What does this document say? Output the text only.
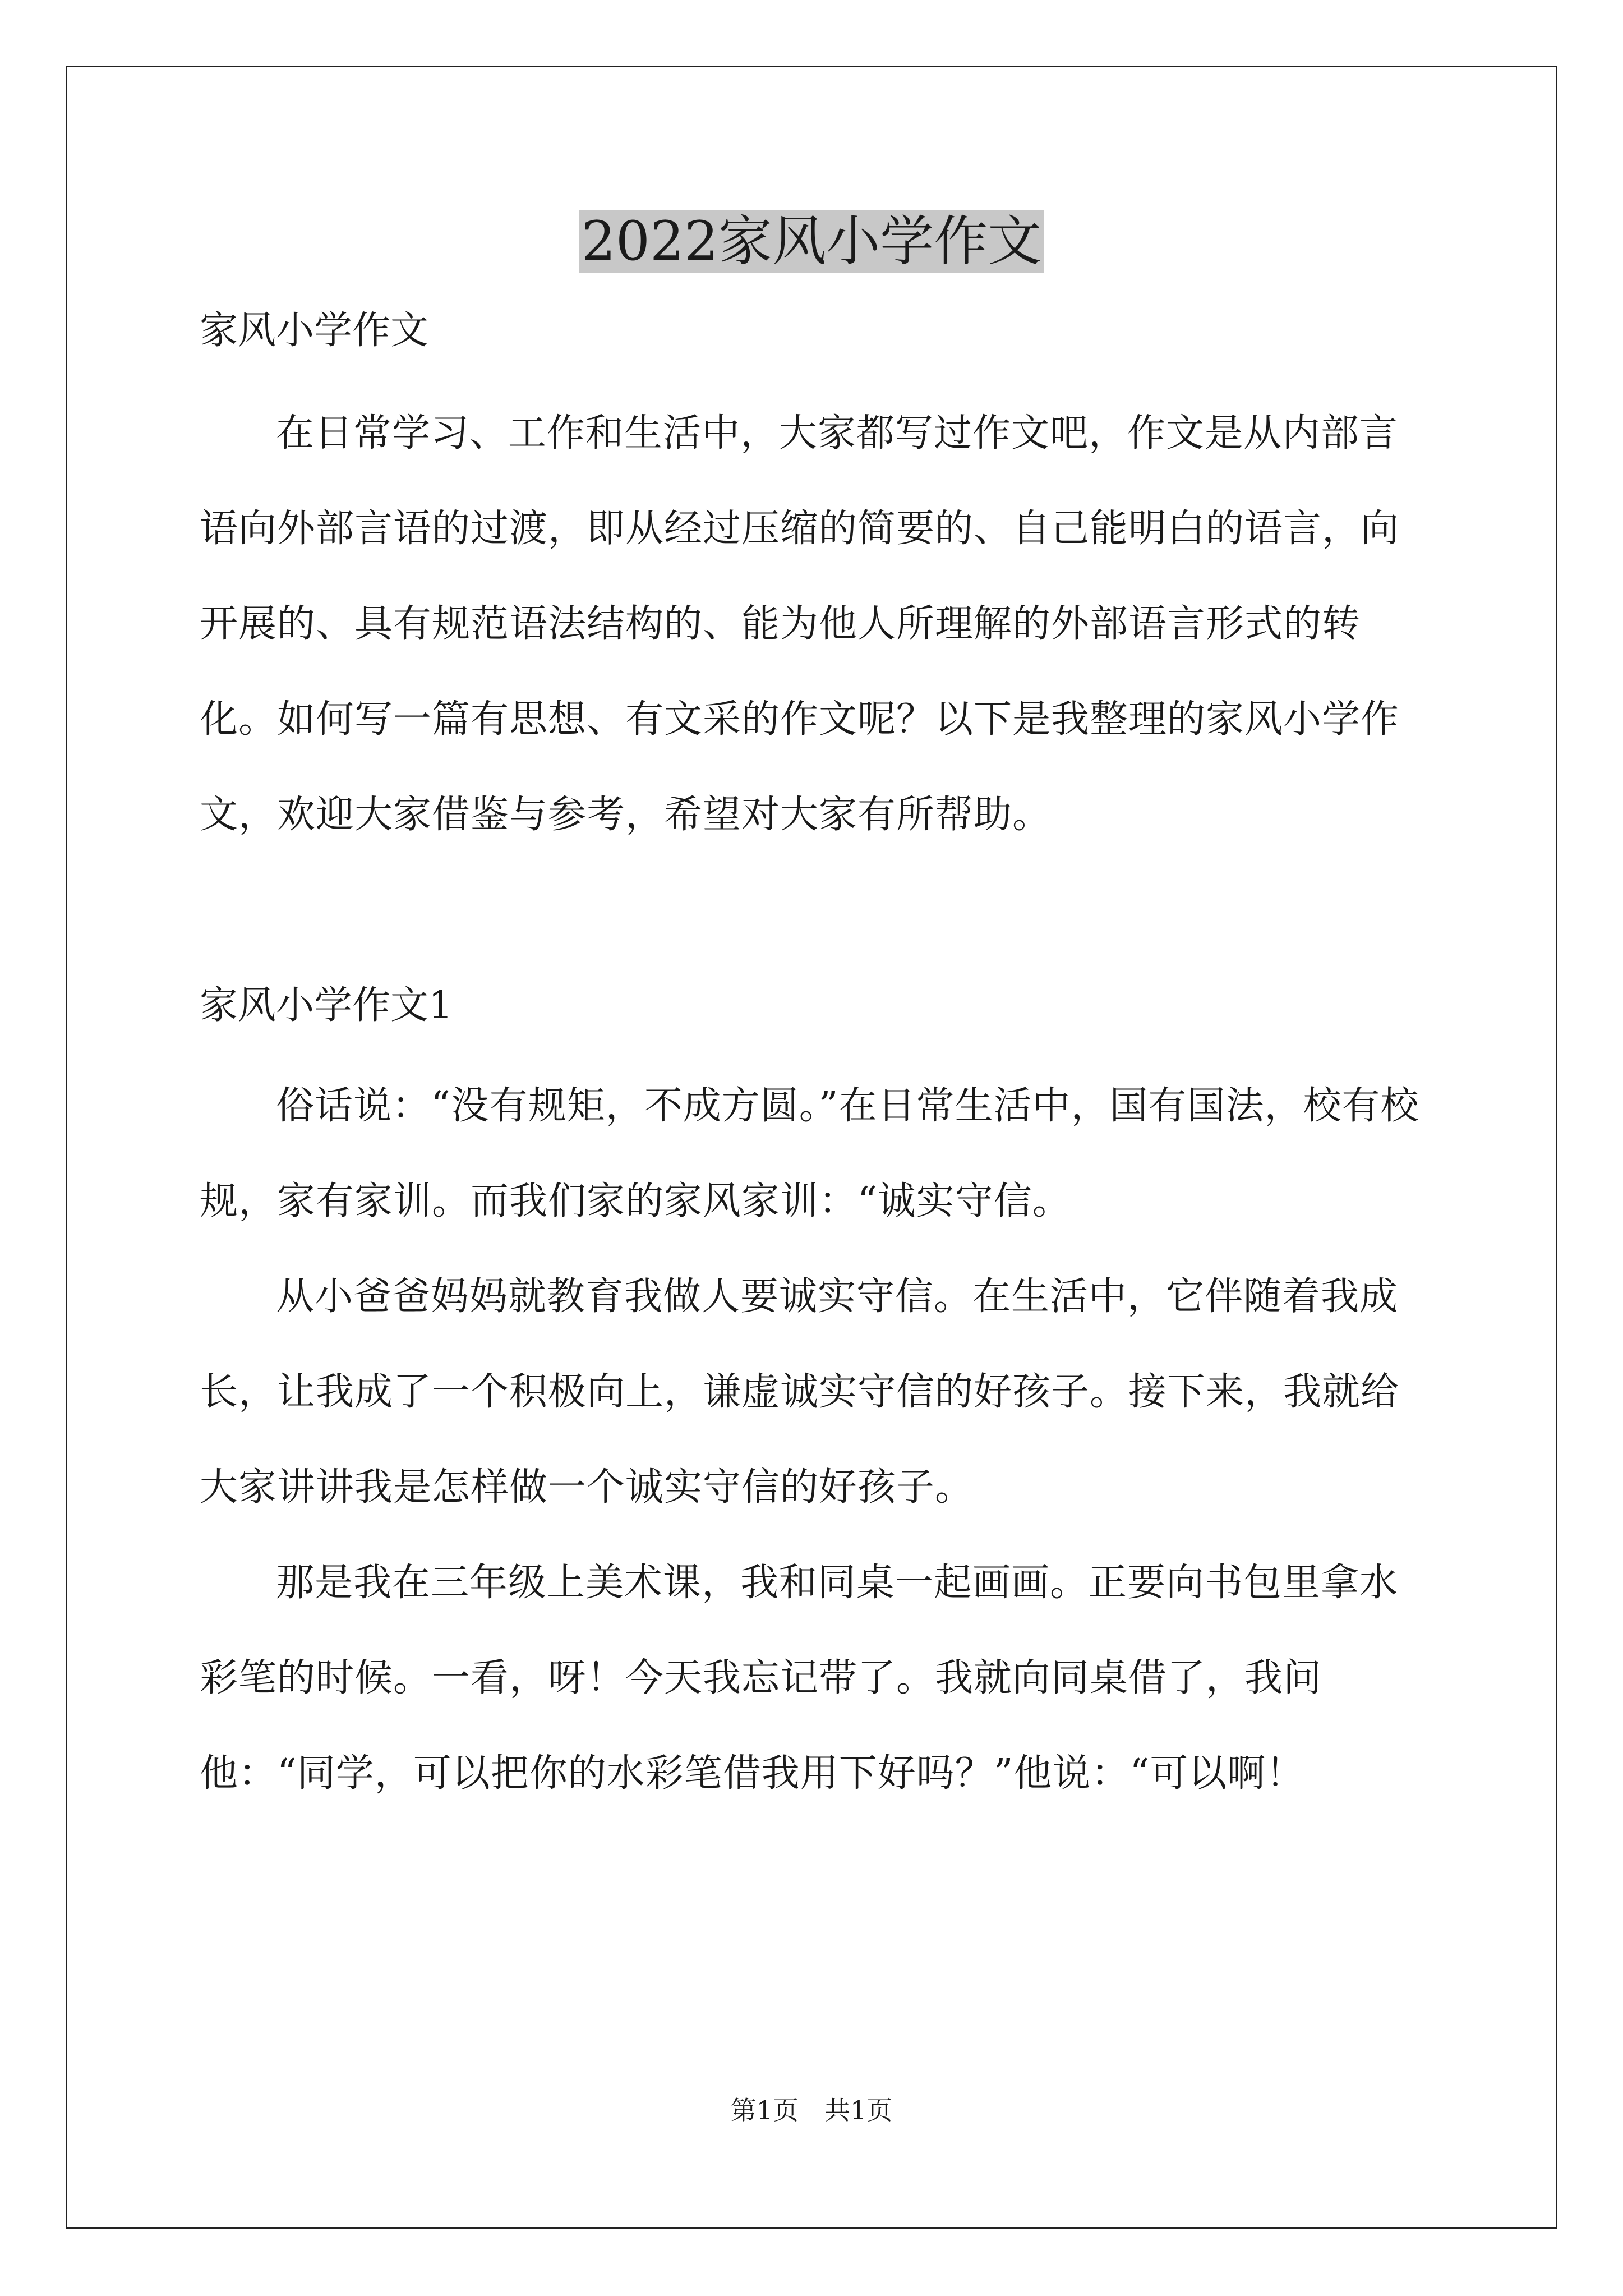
2022家风小学作文

家风小学作文

在日常学习、工作和生活中，大家都写过作文吧，作文是从内部言语向外部言语的过渡，即从经过压缩的简要的、自己能明白的语言，向开展的、具有规范语法结构的、能为他人所理解的外部语言形式的转化。如何写一篇有思想、有文采的作文呢？以下是我整理的家风小学作文，欢迎大家借鉴与参考，希望对大家有所帮助。

家风小学作文1

俗话说：“没有规矩，不成方圆。”在日常生活中，国有国法，校有校规，家有家训。而我们家的家风家训：“诚实守信。

从小爸爸妈妈就教育我做人要诚实守信。在生活中，它伴随着我成长，让我成了一个积极向上，谦虚诚实守信的好孩子。接下来，我就给大家讲讲我是怎样做一个诚实守信的好孩子。

那是我在三年级上美术课，我和同桌一起画画。正要向书包里拿水彩笔的时候。一看，呀！今天我忘记带了。我就向同桌借了，我问他：“同学，可以把你的水彩笔借我用下好吗？”他说：“可以啊！

第1页 共1页
